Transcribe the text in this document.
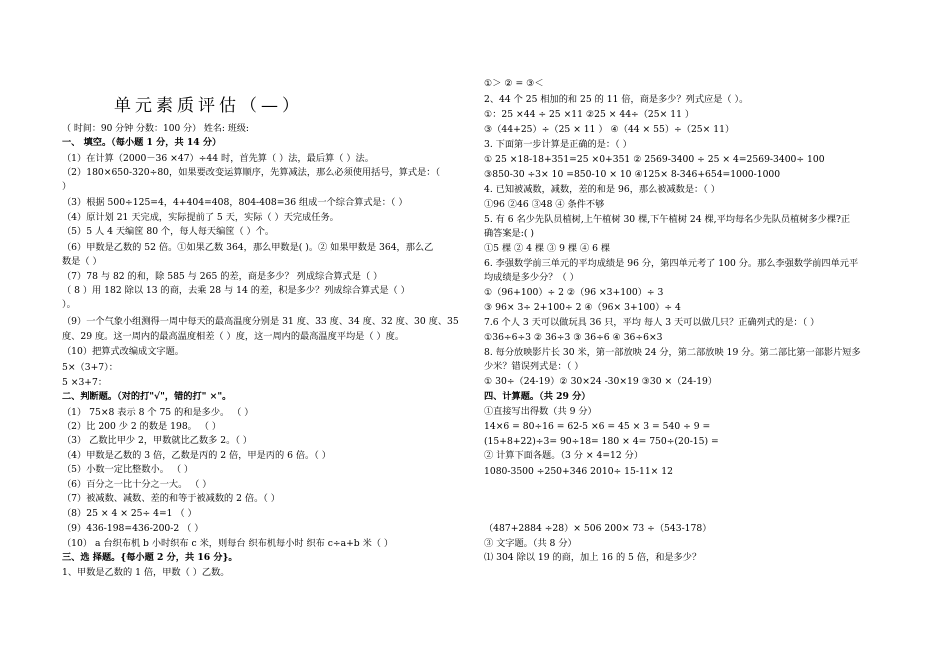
单元素质评估（—）
（ 时间：90 分钟 分数：100 分） 姓名: 班级:
一、 填空。（每小题 1 分，共 14 分）
（1）在计算（2000－36 ×47）÷44 时，首先算（ ）法，最后算（ ）法。
（2）180×650-320÷80，如果要改变运算顺序，先算减法，那么必须使用括号，算式是：（
）
（3）根据 500÷125=4，4+404=408，804-408=36 组成一个综合算式是：（ ）
（4）原计划 21 天完成，实际提前了 5 天，实际（ ）天完成任务。
（5）5 人 4 天编筐 80 个，每人每天编筐（ ）个。
（6）甲数是乙数的 52 倍。①如果乙数 364，那么甲数是( )。② 如果甲数是 364，那么乙
数是（ ）
（7）78 与 82 的和，除 585 与 265 的差，商是多少？ 列成综合算式是（ ）
（ 8 ）用 182 除以 13 的商，去乘 28 与 14 的差，积是多少？列成综合算式是（ ）
）。
（9）一个气象小组测得一周中每天的最高温度分别是 31 度、33 度、34 度、32 度、30 度、35
度、29 度。这一周内的最高温度相差（ ）度，这一周内的最高温度平均是（ ）度。
（10）把算式改编成文字题。
5×（3+7）：
5 ×3+7：
二、判断题。（对的打"√"，错的打" ×"。
（1） 75×8 表示 8 个 75 的和是多少。 （ ）
（2）比 200 少 2 的数是 198。 （ ）
（3） 乙数比甲少 2，甲数就比乙数多 2。（ ）
（4）甲数是乙数的 3 倍，乙数是丙的 2 倍，甲是丙的 6 倍。（ ）
（5）小数一定比整数小。 （ ）
（6）百分之一比十分之一大。 （ ）
（7）被减数、减数、差的和等于被减数的 2 倍。（ ）
（8）25 × 4 × 25÷ 4=1 （ ）
（9）436-198=436-200-2 （ ）
（10） a 台织布机 b 小时织布 c 米，则每台 织布机每小时 织布 c÷a+b 米（ ）
三、选 择题。{每小题 2 分，共 16 分}。
1、甲数是乙数的 1 倍，甲数（ ）乙数。
①＞ ② = ③＜
2、44 个 25 相加的和 25 的 11 倍，商是多少？列式应是（ ）。
①：25 ×44 ÷ 25 ×11 ②25 × 44÷（25× 11 ）
③（44+25）÷（25 × 11 ） ④（44 × 55）÷（25× 11）
3. 下面第一步计算是正确的是：（ ）
① 25 ×18-18+351=25 ×0+351 ② 2569-3400 ÷ 25 × 4=2569-3400÷ 100
③850-30 ÷3× 10 =850-10 × 10 ④125× 8-346+654=1000-1000
4. 已知被减数，减数，差的和是 96，那么被减数是：（ ）
①96 ②46 ③48 ④ 条件不够
5. 有 6 名少先队员植树,上午植树 30 棵,下午植树 24 棵,平均每名少先队员植树多少棵?正
确答案是:( )
①5 棵 ② 4 棵 ③ 9 棵 ④ 6 棵
6. 李强数学前三单元的平均成绩是 96 分，第四单元考了 100 分。那么李强数学前四单元平
均成绩是多少分？（ ）
①（96+100）÷ 2 ②（96 ×3+100）÷ 3
③ 96× 3÷ 2+100÷ 2 ④（96× 3+100）÷ 4
7.6 个人 3 天可以做玩具 36 只，平均 每人 3 天可以做几只？正确列式的是：（ ）
①36÷6÷3 ② 36÷3 ③ 36÷6 ④ 36÷6×3
8. 每分放映影片长 30 米，第一部放映 24 分，第二部放映 19 分。第二部比第一部影片短多
少米？错误列式是：（ ）
① 30÷（24-19）② 30×24 -30×19 ③30 ×（24-19）
四、计算题。（共 29 分）
①直接写出得数（共 9 分）
14×6 = 80÷16 = 62-5 ×6 = 45 × 3 = 540 ÷ 9 =
(15+8+22)÷3= 90÷18= 180 × 4= 750÷(20-15) =
② 计算下面各题。（3 分 × 4=12 分）
1080-3500 ÷250+346 2010÷ 15-11× 12
（487+2884 ÷28）× 506 200× 73 ÷（543-178）
③ 文字题。（共 8 分）
⑴ 304 除以 19 的商，加上 16 的 5 倍，和是多少？
